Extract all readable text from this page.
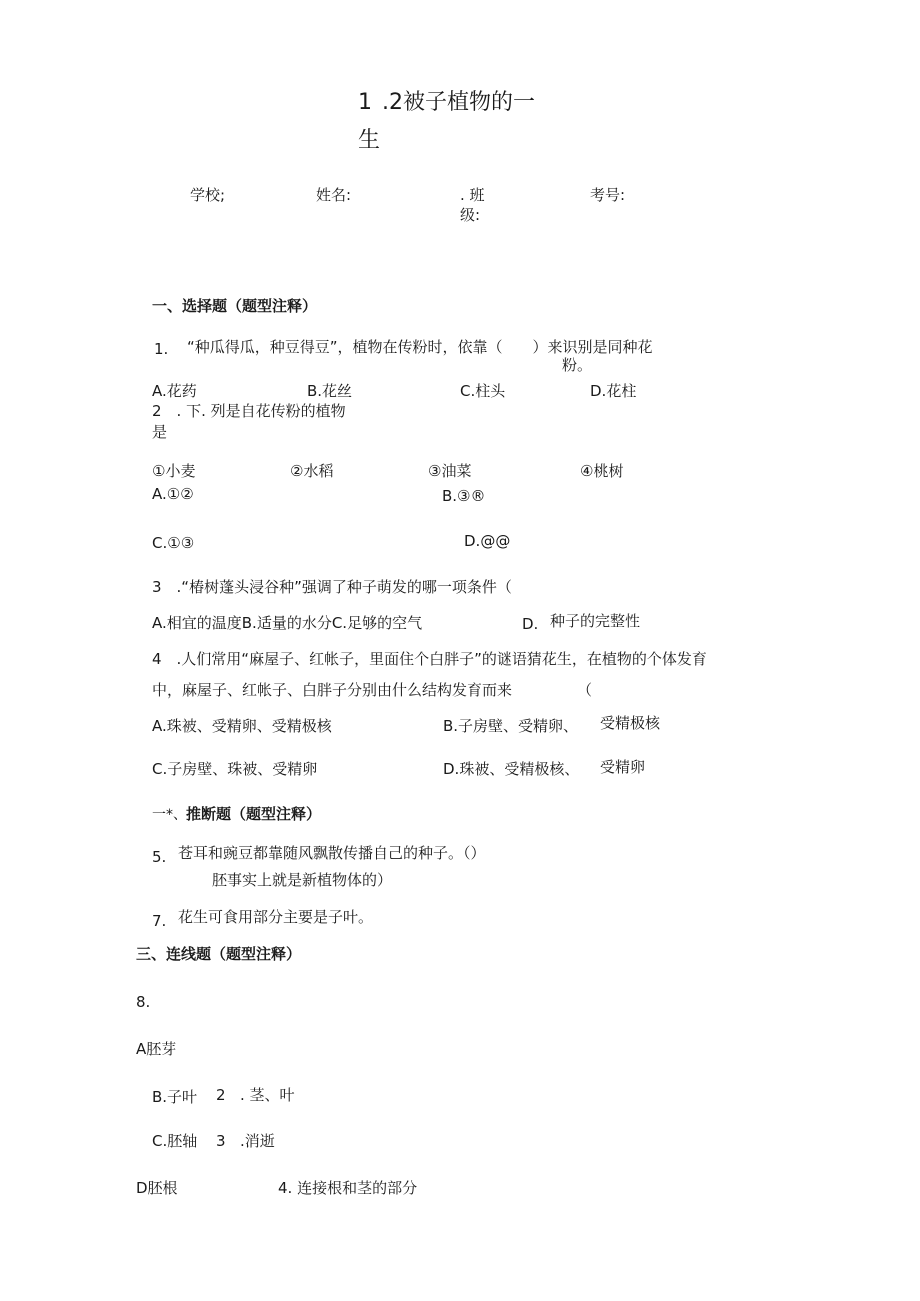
1 .2被子植物的一
生
学校;	姓名:	. 班
级:
考号:
一、选择题（题型注释）
1. “种瓜得瓜，种豆得豆”，植物在传粉时，依靠（　　）来识别是同种花
粉。
A.花药	B.花丝	C.柱头	D.花柱
2　. 下. 列是自花传粉的植物
是
①小麦	②水稻	③油菜	④桃树
A.①②	B.③®
C.①③	D.@@
3　.“椿树蓬头浸谷种”强调了种子萌发的哪一项条件（
A.相宜的温度B.适量的水分C.足够的空气	D. 种子的完整性
4　.人们常用“麻屋子、红帐子，里面住个白胖子”的谜语猜花生，在植物的个体发育
中，麻屋子、红帐子、白胖子分别由什么结构发育而来	（
A.珠被、受精卵、受精极核	B.子房壁、受精卵、 受精极核
C.子房壁、珠被、受精卵	D.珠被、受精极核、 受精卵
一*、 推断题（题型注释）
5. 苍耳和豌豆都靠随风飘散传播自己的种子。（）
胚事实上就是新植物体的）
7. 花生可食用部分主要是子叶。
三、连线题（题型注释）
8.
A胚芽
B.子叶 2 . 茎、叶
C.胚轴 3 .消逝
D胚根	4. 连接根和茎的部分
